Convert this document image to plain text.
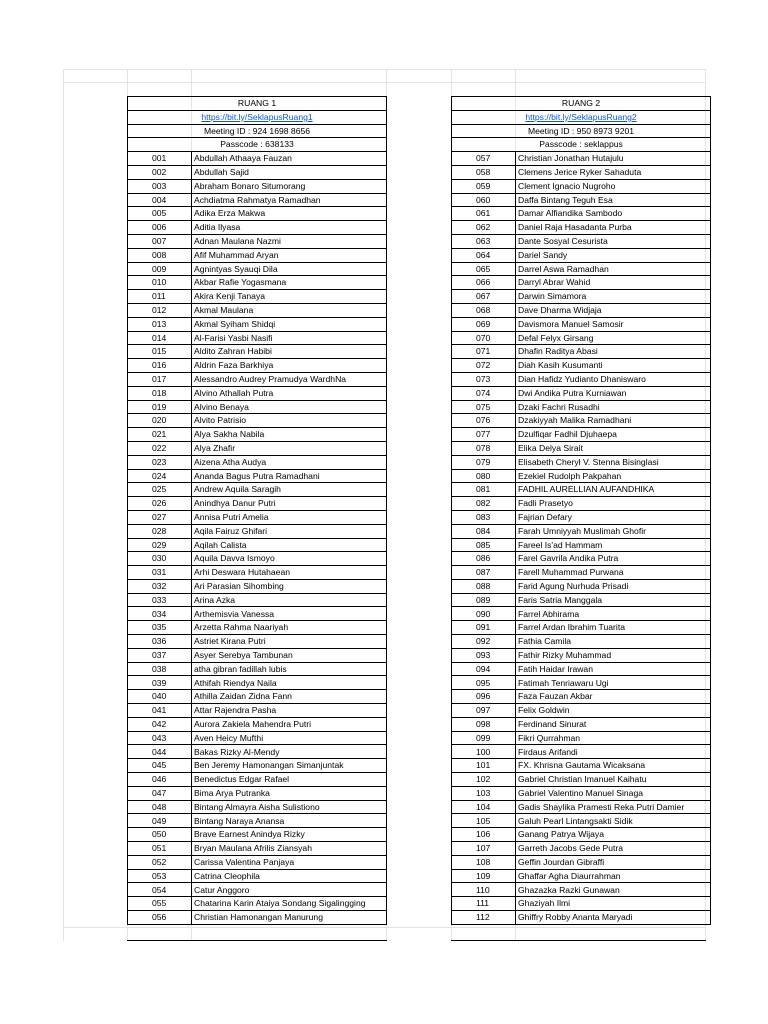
RUANG 1	
https://bit.ly/SeklapusRuang1	
Meeting ID : 924 1698 8656	
Passcode : 638133	
001	Abdullah Athaaya Fauzan
002	Abdullah Sajid
003	Abraham Bonaro Situmorang
004	Achdiatma Rahmatya Ramadhan
005	Adika Erza Makwa
006	Aditia Ilyasa
007	Adnan Maulana Nazmi
008	Afif Muhammad Aryan
009	Agnintyas Syauqi Dila
010	Akbar Rafie Yogasmana
011	Akira Kenji Tanaya
012	Akmal Maulana
013	Akmal Syiham Shidqi
014	Al-Farisi Yasbi Nasifi
015	Aldito Zahran Habibi
016	Aldrin Faza Barkhiya
017	Alessandro Audrey Pramudya WardhNa
018	Alvino Athallah Putra
019	Alvino Benaya
020	Alvito Patrisio
021	Alya Sakha Nabila
022	Alya Zhafir
023	Aizena Atha Audya
024	Ananda Bagus Putra Ramadhani
025	Andrew Aquila Saragih
026	Anindhya Danur Putri
027	Annisa Putri Amelia
028	Aqila Fairuz Ghifari
029	Aqilah Calista
030	Aquila Davva Ismoyo
031	Arhi Deswara Hutahaean
032	Ari Parasian Sihombing
033	Arina Azka
034	Arthemisvia Vanessa
035	Arzetta Rahma Naariyah
036	Astriet Kirana Putri
037	Asyer Serebya Tambunan
038	atha gibran fadillah lubis
039	Athifah Riendya Naila
040	Athilla Zaidan Zidna Fann
041	Attar Rajendra Pasha
042	Aurora Zakiela Mahendra Putri
043	Aven Heicy Mufthi
044	Bakas Rizky Al-Mendy
045	Ben Jeremy Hamonangan Simanjuntak
046	Benedictus Edgar Rafael
047	Bima Arya Putranka
048	Bintang Almayra Aisha Sulistiono
049	Bintang Naraya Anansa
050	Brave Earnest Anindya Rizky
051	Bryan Maulana Afrilis Ziansyah
052	Carissa Valentina Panjaya
053	Catrina Cleophila
054	Catur Anggoro
055	Chatarina Karin Ataiya Sondang Sigalingging
056	Christian Hamonangan Manurung
RUANG 2	
https://bit.ly/SeklapusRuang2	
Meeting ID : 950 8973 9201	
Passcode : seklappus	
057	Christian Jonathan Hutajulu
058	Clemens Jerice Ryker Sahaduta
059	Clement Ignacio Nugroho
060	Daffa Bintang Teguh Esa
061	Damar Alfiandika Sambodo
062	Daniel Raja Hasadanta Purba
063	Dante Sosyal Cesurista
064	Dariel Sandy
065	Darrel Aswa Ramadhan
066	Darryl Abrar Wahid
067	Darwin Simamora
068	Dave Dharma Widjaja
069	Davismora Manuel Samosir
070	Defal Felyx Girsang
071	Dhafin Raditya Abasi
072	Diah Kasih Kusumanti
073	Dian Hafidz Yudianto Dhaniswaro
074	Dwi Andika Putra Kurniawan
075	Dzaki Fachri Rusadhi
076	Dzakiyyah Malika Ramadhani
077	Dzulfiqar Fadhil Djuhaepa
078	Elika Delya Sirait
079	Elisabeth Cheryl V. Stenna Bisinglasi
080	Ezekiel Rudolph Pakpahan
081	FADHIL AURELLIAN AUFANDHIKA
082	Fadli Prasetyo
083	Fajrian Defary
084	Farah Umniyyah Muslimah Ghofir
085	Fareel Is'ad Hammam
086	Farel Gavrila Andika Putra
087	Farell Muhammad Purwana
088	Farid Agung Nurhuda Prisadi
089	Faris Satria Manggala
090	Farrel Abhirama
091	Farrel Ardan Ibrahim Tuarita
092	Fathia Camila
093	Fathir Rizky Muhammad
094	Fatih Haidar Irawan
095	Fatimah Tenriawaru Ugi
096	Faza Fauzan Akbar
097	Felix Goldwin
098	Ferdinand Sinurat
099	Fikri Qurrahman
100	Firdaus Arifandi
101	FX. Khrisna Gautama Wicaksana
102	Gabriel Christian Imanuel Kaihatu
103	Gabriel Valentino Manuel Sinaga
104	Gadis Shaylika Pramesti Reka Putri Damier
105	Galuh Pearl Lintangsakti Sidik
106	Ganang Patrya Wijaya
107	Garreth Jacobs Gede Putra
108	Geffin Jourdan Gibraffi
109	Ghaffar Agha Diaurrahman
110	Ghazazka Razki Gunawan
111	Ghaziyah Ilmi
112	Ghiffry Robby Ananta Maryadi
